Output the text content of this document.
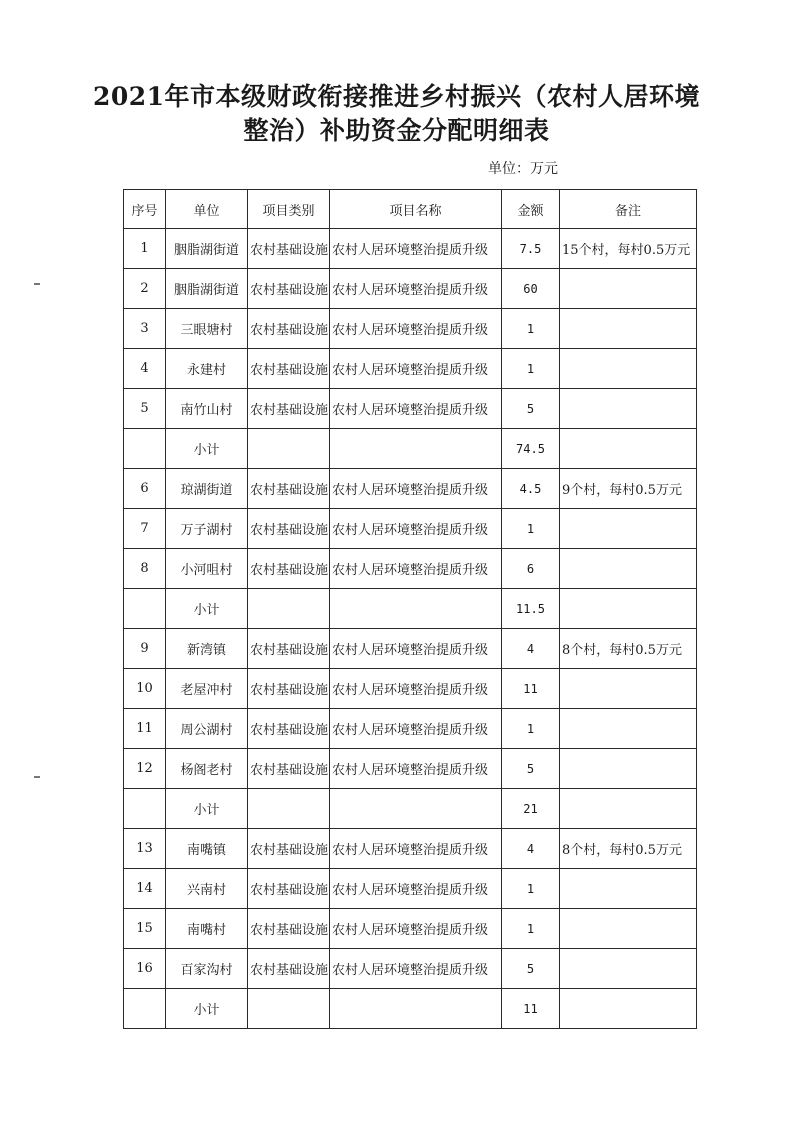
2021年市本级财政衔接推进乡村振兴（农村人居环境
整治）补助资金分配明细表
单位：万元
序号	单位	项目类别	项目名称	金额	备注
1	胭脂湖街道	农村基础设施	农村人居环境整治提质升级	7.5	15个村，每村0.5万元
2	胭脂湖街道	农村基础设施	农村人居环境整治提质升级	60	
3	三眼塘村	农村基础设施	农村人居环境整治提质升级	1	
4	永建村	农村基础设施	农村人居环境整治提质升级	1	
5	南竹山村	农村基础设施	农村人居环境整治提质升级	5	
	小计			74.5	
6	琼湖街道	农村基础设施	农村人居环境整治提质升级	4.5	9个村，每村0.5万元
7	万子湖村	农村基础设施	农村人居环境整治提质升级	1	
8	小河咀村	农村基础设施	农村人居环境整治提质升级	6	
	小计			11.5	
9	新湾镇	农村基础设施	农村人居环境整治提质升级	4	8个村，每村0.5万元
10	老屋冲村	农村基础设施	农村人居环境整治提质升级	11	
11	周公湖村	农村基础设施	农村人居环境整治提质升级	1	
12	杨阁老村	农村基础设施	农村人居环境整治提质升级	5	
	小计			21	
13	南嘴镇	农村基础设施	农村人居环境整治提质升级	4	8个村，每村0.5万元
14	兴南村	农村基础设施	农村人居环境整治提质升级	1	
15	南嘴村	农村基础设施	农村人居环境整治提质升级	1	
16	百家沟村	农村基础设施	农村人居环境整治提质升级	5	
	小计			11	
